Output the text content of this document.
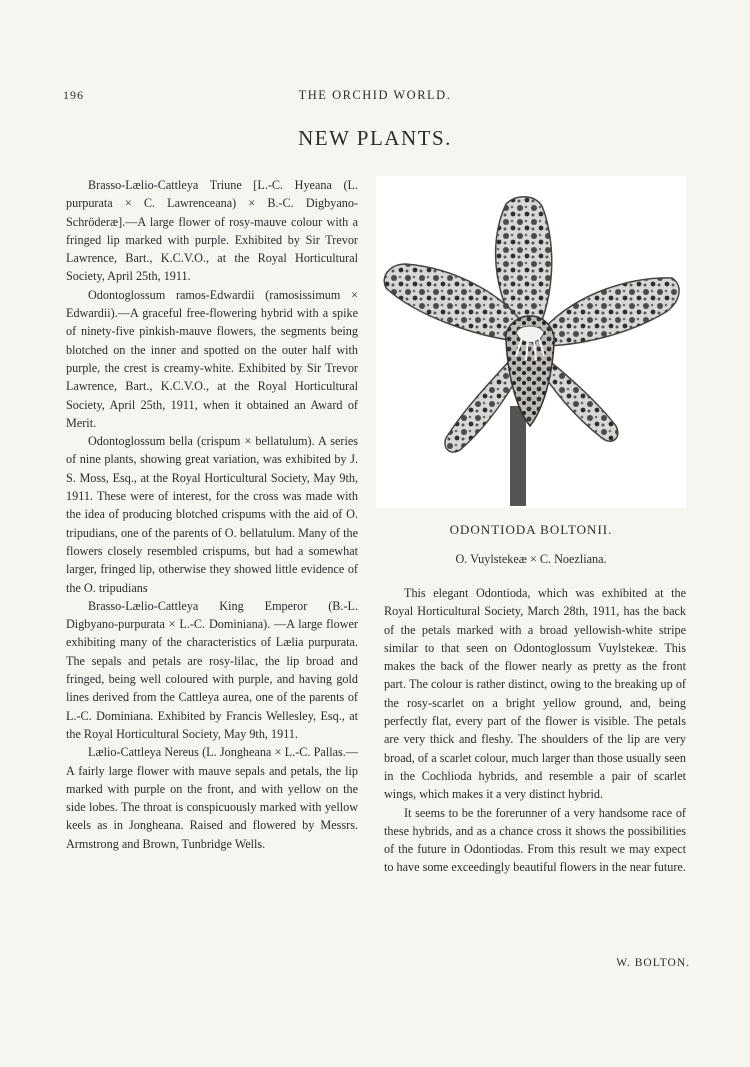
196	THE ORCHID WORLD.
NEW PLANTS.

Brasso-Lælio-Cattleya Triune [L.-C. Hyeana (L. purpurata × C. Lawrenceana) × B.-C. Digbyano-Schröderæ].—A large flower of rosy-mauve colour with a fringed lip marked with purple. Exhibited by Sir Trevor Lawrence, Bart., K.C.V.O., at the Royal Horticultural Society, April 25th, 1911.

Odontoglossum ramos-Edwardii (ramosissimum × Edwardii).—A graceful free-flowering hybrid with a spike of ninety-five pinkish-mauve flowers, the segments being blotched on the inner and spotted on the outer half with purple, the crest is creamy-white. Exhibited by Sir Trevor Lawrence, Bart., K.C.V.O., at the Royal Horticultural Society, April 25th, 1911, when it obtained an Award of Merit.

Odontoglossum bella (crispum × bellatulum). A series of nine plants, showing great variation, was exhibited by J. S. Moss, Esq., at the Royal Horticultural Society, May 9th, 1911. These were of interest, for the cross was made with the idea of producing blotched crispums with the aid of O. tripudians, one of the parents of O. bellatulum. Many of the flowers closely resembled crispums, but had a somewhat larger, fringed lip, otherwise they showed little evidence of the O. tripudians

Brasso-Lælio-Cattleya King Emperor (B.-L. Digbyano-purpurata × L.-C. Dominiana). —A large flower exhibiting many of the characteristics of Lælia purpurata. The sepals and petals are rosy-lilac, the lip broad and fringed, being well coloured with purple, and having gold lines derived from the Cattleya aurea, one of the parents of L.-C. Dominiana. Exhibited by Francis Wellesley, Esq., at the Royal Horticultural Society, May 9th, 1911.

Lælio-Cattleya Nereus (L. Jongheana × L.-C. Pallas.—A fairly large flower with mauve sepals and petals, the lip marked with purple on the front, and with yellow on the side lobes. The throat is conspicuously marked with yellow keels as in Jongheana. Raised and flowered by Messrs. Armstrong and Brown, Tunbridge Wells.

ODONTIODA BOLTONII.
O. Vuylstekeæ × C. Noezliana.

This elegant Odontioda, which was exhibited at the Royal Horticultural Society, March 28th, 1911, has the back of the petals marked with a broad yellowish-white stripe similar to that seen on Odontoglossum Vuylstekeæ. This makes the back of the flower nearly as pretty as the front part. The colour is rather distinct, owing to the breaking up of the rosy-scarlet on a bright yellow ground, and, being perfectly flat, every part of the flower is visible. The petals are very thick and fleshy. The shoulders of the lip are very broad, of a scarlet colour, much larger than those usually seen in the Cochlioda hybrids, and resemble a pair of scarlet wings, which makes it a very distinct hybrid.

It seems to be the forerunner of a very handsome race of these hybrids, and as a chance cross it shows the possibilities of the future in Odontiodas. From this result we may expect to have some exceedingly beautiful flowers in the near future.

W. BOLTON.
